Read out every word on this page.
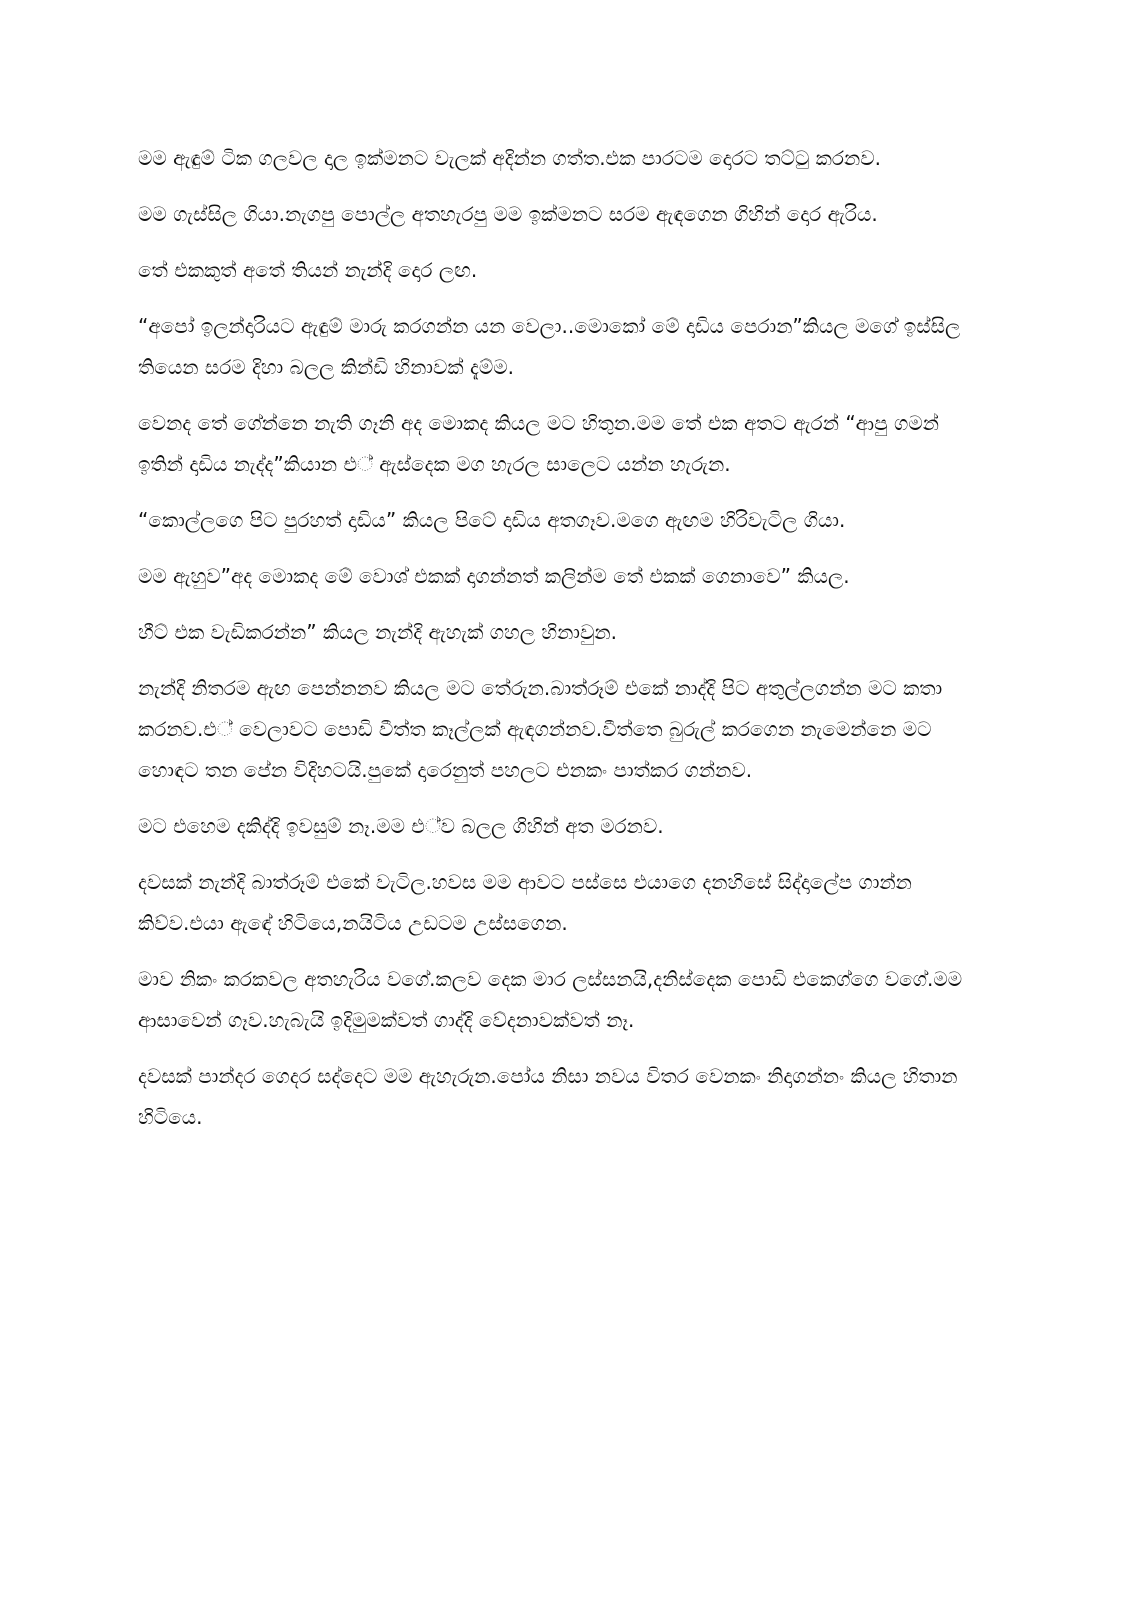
මම ඇඳුම් ටික ගලවල දාල ඉක්මනට වැලක් අදින්න ගත්ත.එක පාරටම දොරට තට්ටු කරනව.

මම ගැස්සිල ගියා.නැගපු පොල්ල අතහැරපු මම ඉක්මනට සරම ඇඳගෙන ගිහින් දොර ඇරිය.

තේ එකකුත් අතේ තියන් නැන්දි දොර ලඟ.

“අපෝ ඉලන්දාරියට ඇඳුම් මාරු කරගන්න යන වෙලා..මොකෝ මේ දාඩිය පෙරාන”කියල මගේ ඉස්සිල තියෙන සරම දිහා බලල කින්ඩි හිනාවක් දැම්ම.

වෙනද තේ ගේන්නෙ නැති ගෑනි අද මොකද කියල මට හිතුන.මම තේ එක අතට ඇරන් “ආපු ගමන් ඉතින් දාඩිය නැද්ද”කියාන එ් ඇස්දෙක මග හැරල සාලෙට යන්න හැරුන.

“කොල්ලගෙ පිට පුරහත් දාඩිය” කියල පිටේ දාඩිය අතගෑව.මගෙ ඇඟම හිරිවැටිල ගියා.

මම ඇහුව”අද මොකද මේ වොශ් එකක් දාගන්නත් කලින්ම තේ එකක් ගෙනාවෙ” කියල.

හීට් එක වැඩිකරන්න” කියල නැන්දි ඇහැක් ගහල හිනාවුන.

නැන්දි නිතරම ඇඟ පෙන්නනව කියල මට තේරුන.බාත්රූම් එකේ නාද්දි පිට අතුල්ලගන්න මට කතා කරනව.එ් වෙලාවට පොඩි වීත්ත කෑල්ලක් ඇඳගන්නව.වීත්තෙ බුරුල් කරගෙන නැමෙන්නෙ මට හොඳට තන පේන විදිහටයි.පුකේ දාරෙනුත් පහලට එනකං පාත්කර ගන්නව.

මට එහෙම දකිද්දි ඉවසුම් නෑ.මම එ්ව බලල ගිහින් අත මරනව.

දවසක් නැන්දි බාත්රූම් එකේ වැටිල.හවස මම ආවට පස්සෙ එයාගෙ දනහිසේ සිද්දාලේප ගාන්න කිව්ව.එයා ඇඳේ හිටියෙ,නයිටිය උඩටම උස්සගෙන.

මාව නිකං කරකවල අතහැරිය වගේ.කලව දෙක මාර ලස්සනයි,දනිස්දෙක පොඩි එකෙග්ගෙ වගේ.මම ආසාවෙන් ගෑව.හැබැයි ඉදිමුමක්වත් ගාද්දි වේදනාවක්වත් නෑ.

දවසක් පාන්දර ගෙදර සද්දෙට මම ඇහැරුන.පෝය නිසා නවය විතර වෙනකං නිදාගන්නං කියල හිතාන හිටියෙ.
